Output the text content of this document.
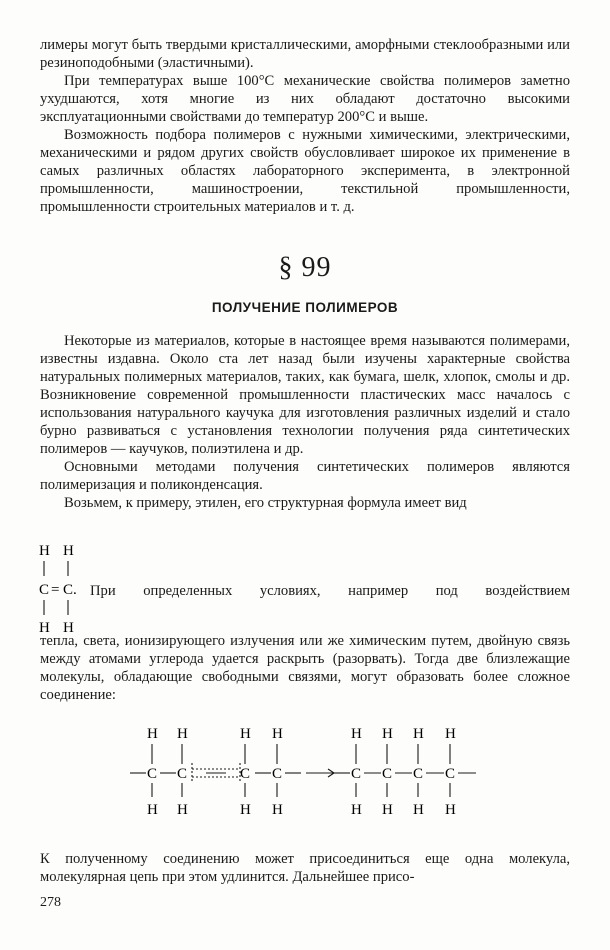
лимеры могут быть твердыми кристаллическими, аморфными стеклообразными или резиноподобными (эластичными).

При температурах выше 100°С механические свойства полимеров заметно ухудшаются, хотя многие из них обладают достаточно высокими эксплуатационными свойствами до температур 200°С и выше.

Возможность подбора полимеров с нужными химическими, электрическими, механическими и рядом других свойств обусловливает широкое их применение в самых различных областях лабораторного эксперимента, в электронной промышленности, машиностроении, текстильной промышленности, промышленности строительных материалов и т. д.

§ 99
ПОЛУЧЕНИЕ ПОЛИМЕРОВ

Некоторые из материалов, которые в настоящее время называются полимерами, известны издавна. Около ста лет назад были изучены характерные свойства натуральных полимерных материалов, таких, как бумага, шелк, хлопок, смолы и др. Возникновение современной промышленности пластических масс началось с использования натурального каучука для изготовления различных изделий и стало бурно развиваться с установления технологии получения ряда синтетических полимеров — каучуков, полиэтилена и др.

Основными методами получения синтетических полимеров являются полимеризация и поликонденсация.

Возьмем, к примеру, этилен, его структурная формула имеет вид

H H
C = C .
H H
При определенных условиях, например под воздействием

тепла, света, ионизирующего излучения или же химическим путем, двойную связь между атомами углерода удается раскрыть (разорвать). Тогда две близлежащие молекулы, обладающие свободными связями, могут образовать более сложное соединение:

H
C
H
H
C
H
H
C
H
H
C
H
H
C
H
H
C
H
H
C
H
H
C
H

К полученному соединению может присоединиться еще одна молекула, молекулярная цепь при этом удлинится. Дальнейшее присо-

278
